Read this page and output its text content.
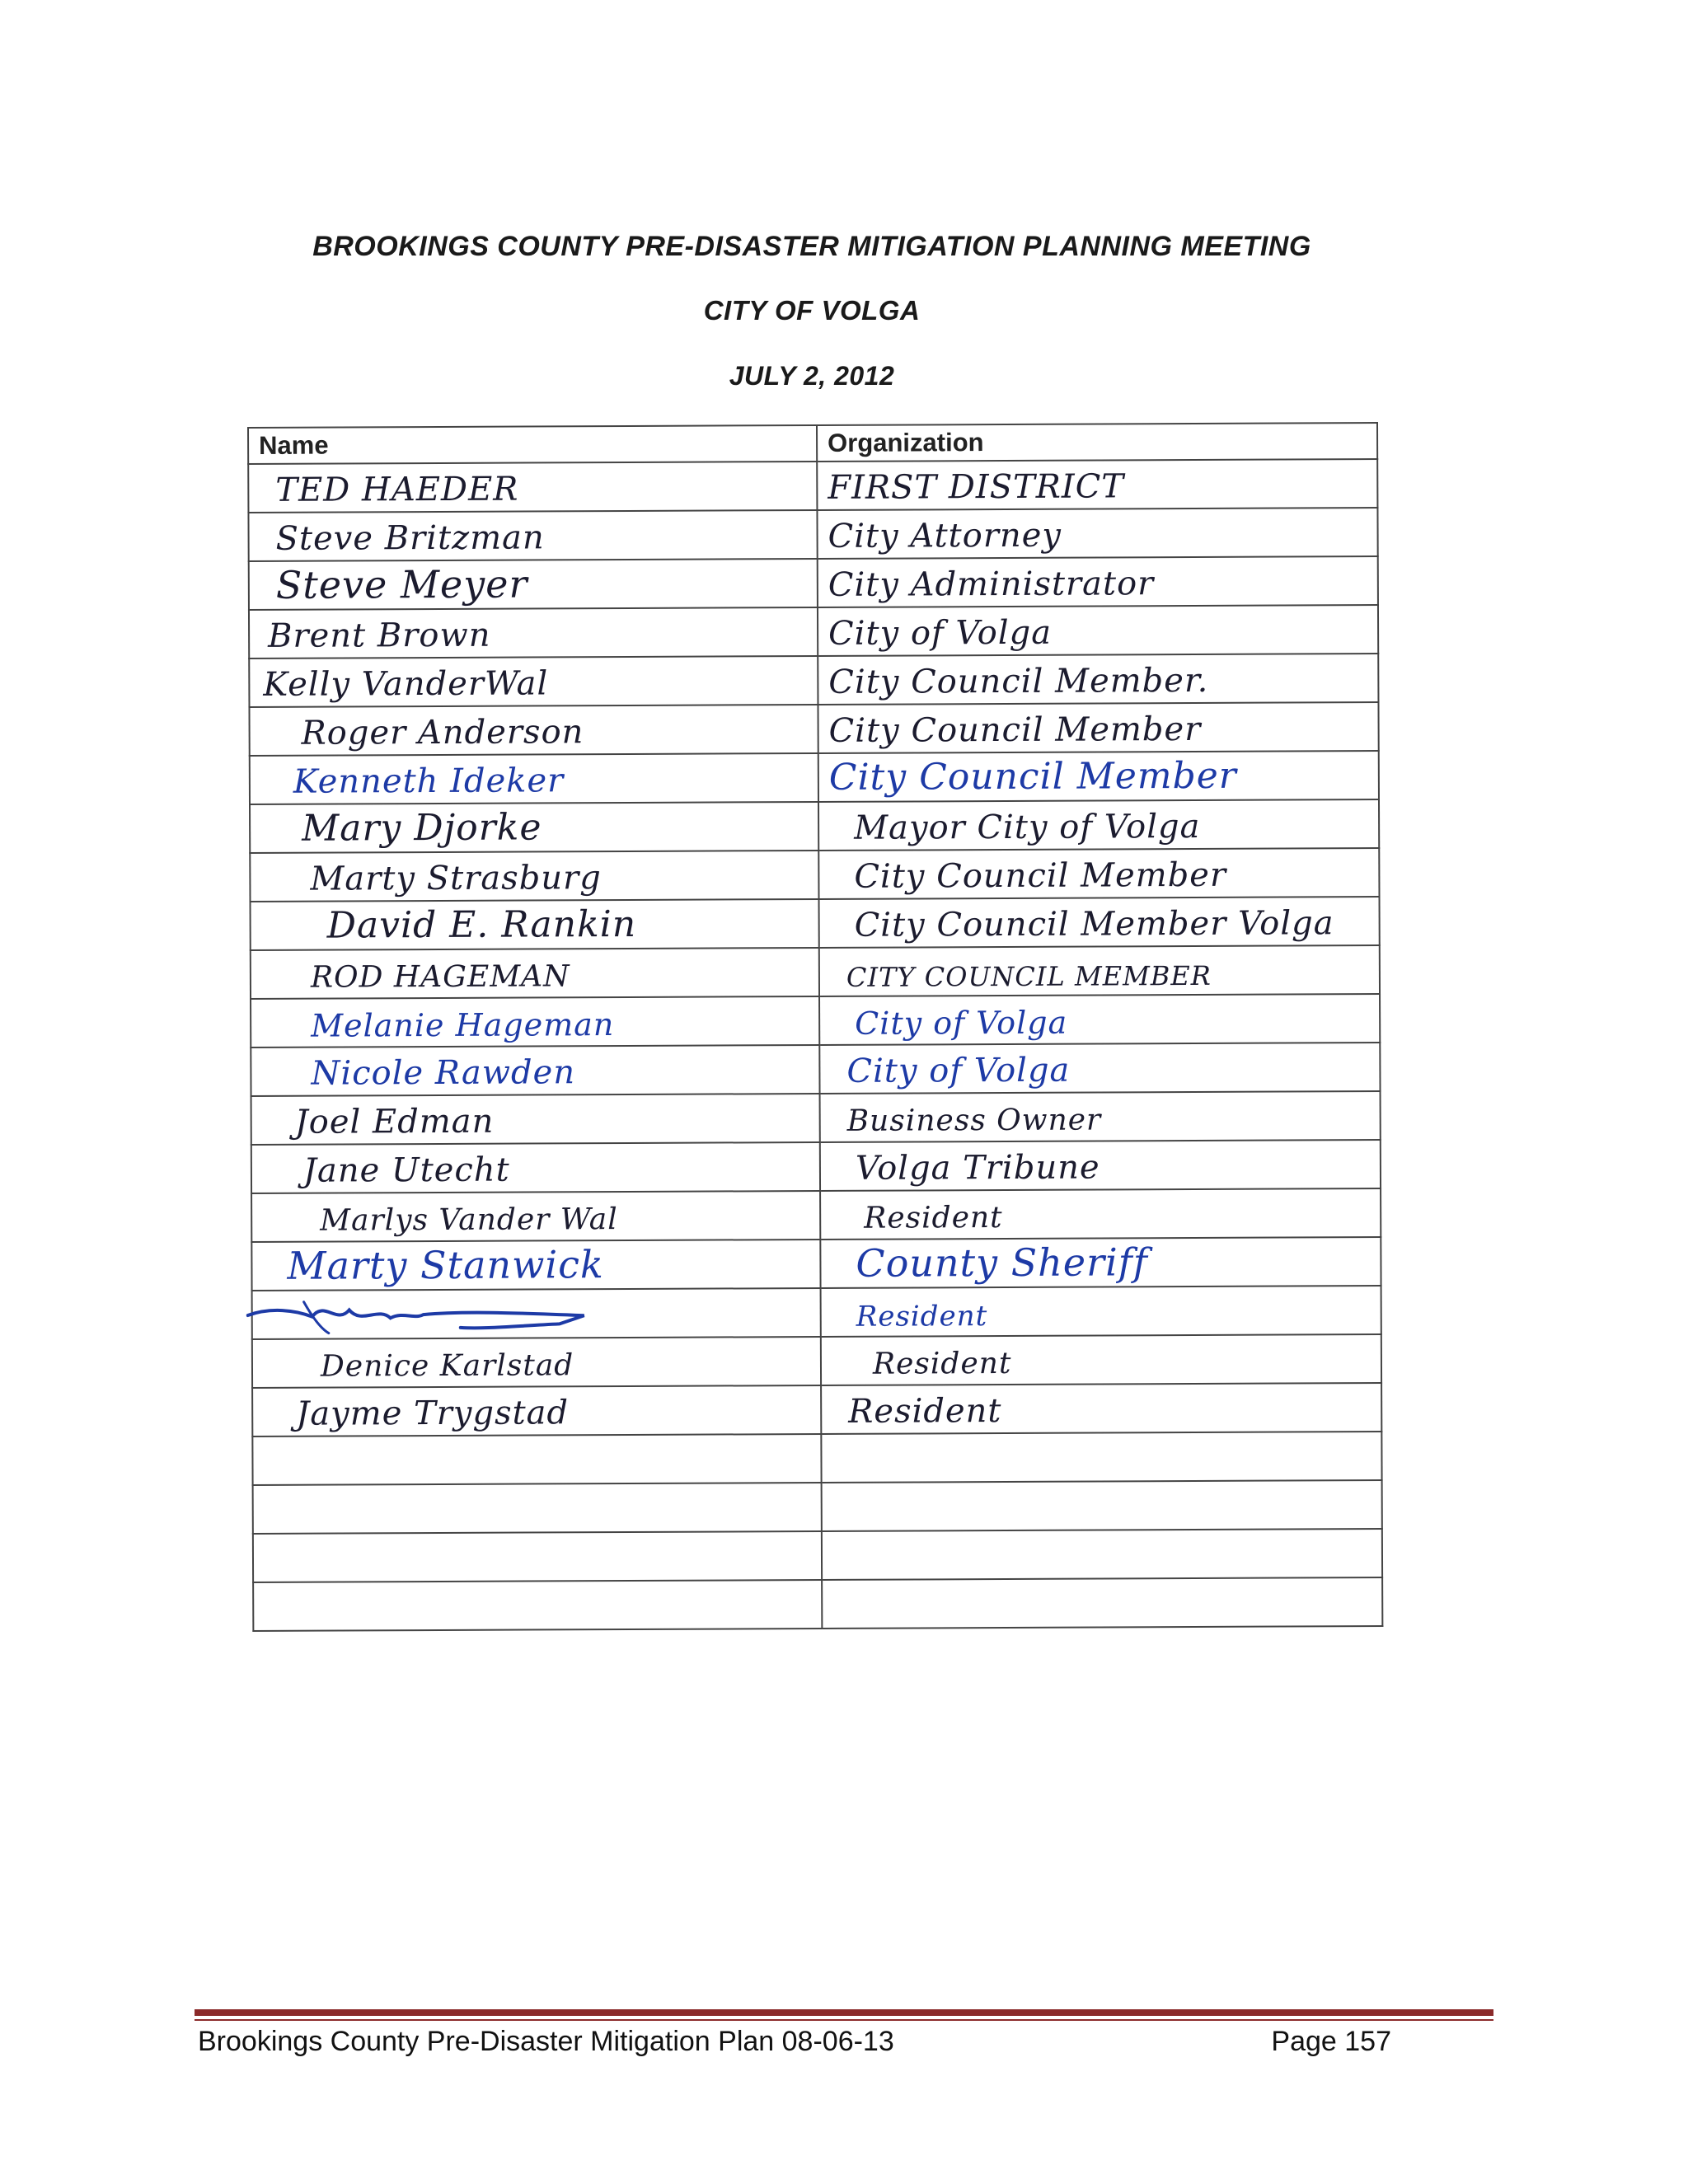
BROOKINGS COUNTY PRE-DISASTER MITIGATION PLANNING MEETING
CITY OF VOLGA
JULY 2, 2012
Name	Organization
TED HAEDER	FIRST DISTRICT
Steve Britzman	City Attorney
Steve Meyer	City Administrator
Brent Brown	City of Volga
Kelly VanderWal	City Council Member.
Roger Anderson	City Council Member
Kenneth Ideker	City Council Member
Mary Djorke	Mayor City of Volga
Marty Strasburg	City Council Member
David E. Rankin	City Council Member Volga
ROD HAGEMAN	CITY COUNCIL MEMBER
Melanie Hageman	City of Volga
Nicole Rawden	City of Volga
Joel Edman	Business Owner
Jane Utecht	Volga Tribune
Marlys Vander Wal	Resident
Marty Stanwick	County Sheriff

	Resident
Denice Karlstad	Resident
Jayme Trygstad	Resident

Brookings County Pre-Disaster Mitigation Plan 08-06-13	Page 157
